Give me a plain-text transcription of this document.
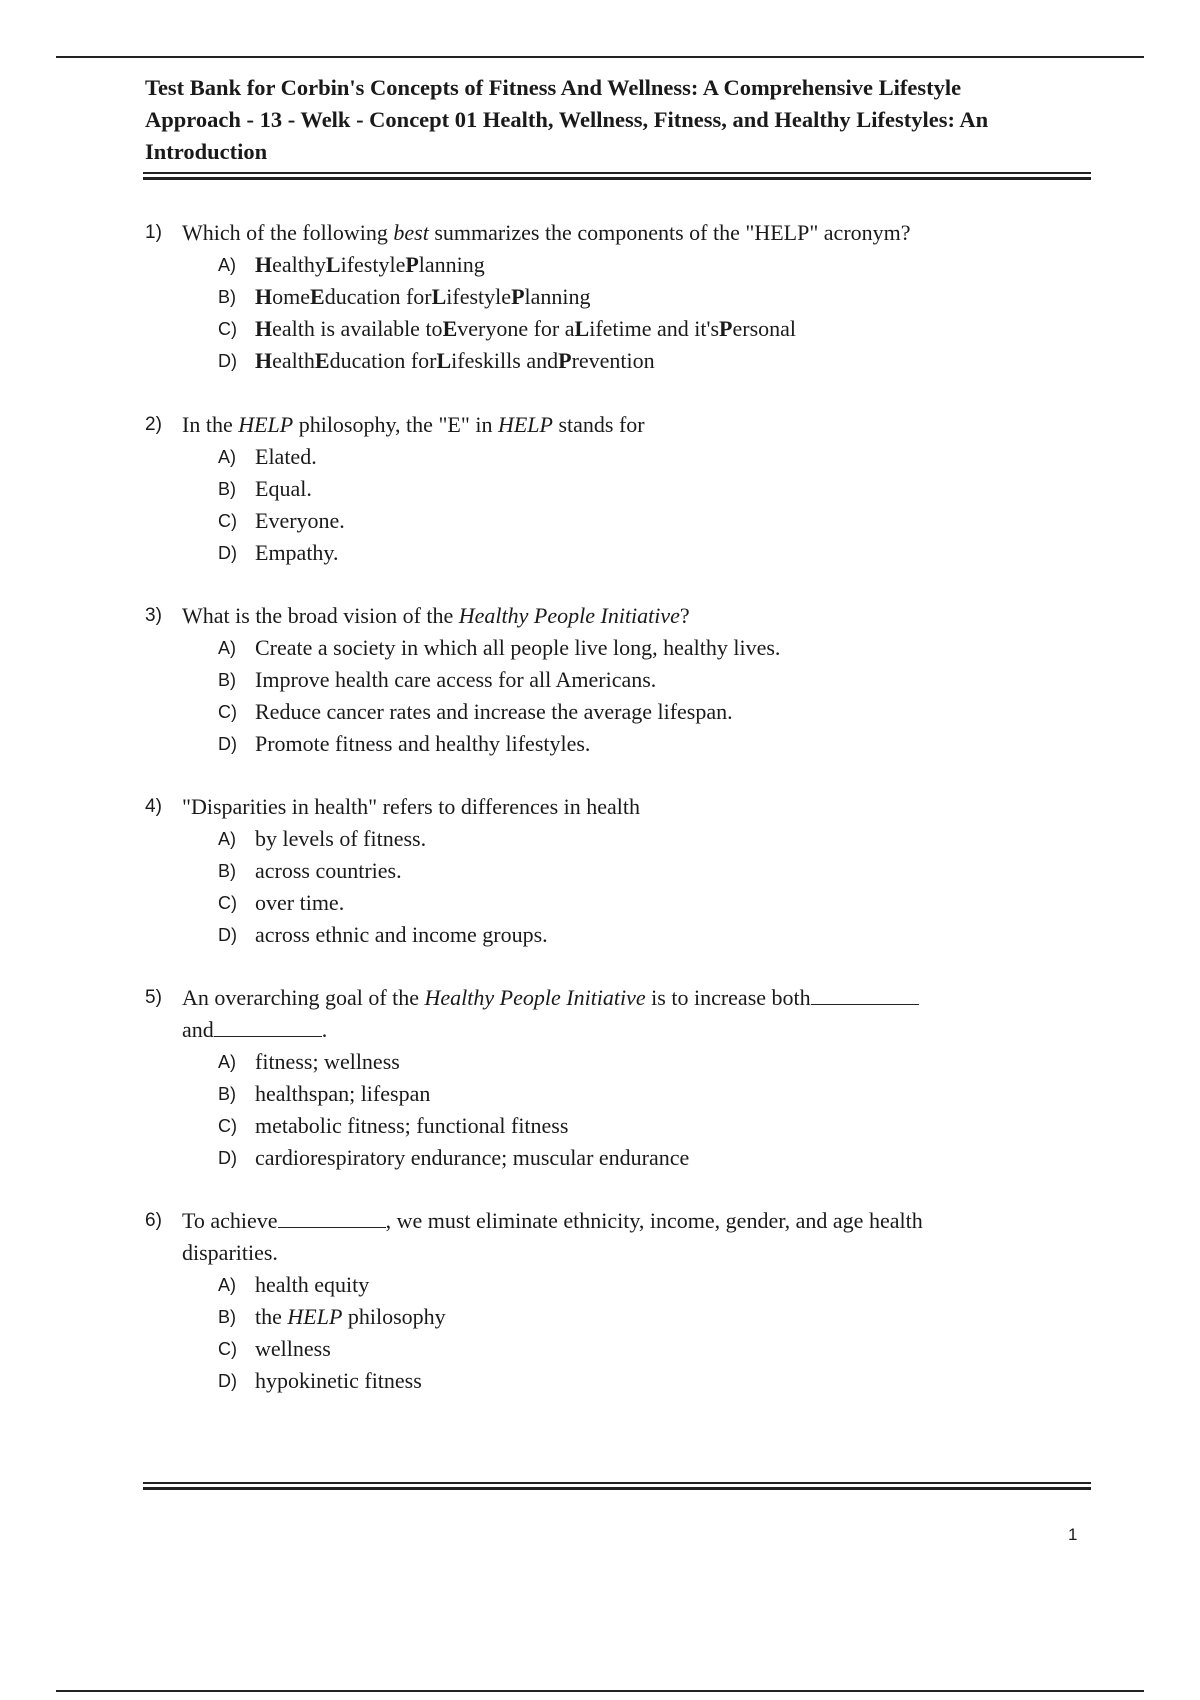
Test Bank for Corbin's Concepts of Fitness And Wellness: A Comprehensive Lifestyle
Approach - 13 - Welk - Concept 01 Health, Wellness, Fitness, and Healthy Lifestyles: An
Introduction
1) Which of the following best summarizes the components of the "HELP" acronym?
A) HealthyLifestylePlanning
B) HomeEducation forLifestylePlanning
C) Health is available toEveryone for aLifetime and it'sPersonal
D) HealthEducation forLifeskills andPrevention
2) In the HELP philosophy, the "E" in HELP stands for
A) Elated.
B) Equal.
C) Everyone.
D) Empathy.
3) What is the broad vision of the Healthy People Initiative?
A) Create a society in which all people live long, healthy lives.
B) Improve health care access for all Americans.
C) Reduce cancer rates and increase the average lifespan.
D) Promote fitness and healthy lifestyles.
4) "Disparities in health" refers to differences in health
A) by levels of fitness.
B) across countries.
C) over time.
D) across ethnic and income groups.
5) An overarching goal of the Healthy People Initiative is to increase both
and	.
A) fitness; wellness
B) healthspan; lifespan
C) metabolic fitness; functional fitness
D) cardiorespiratory endurance; muscular endurance
6) To achieve	, we must eliminate ethnicity, income, gender, and age health
disparities.
A) health equity
B) the HELP philosophy
C) wellness
D) hypokinetic fitness
1
